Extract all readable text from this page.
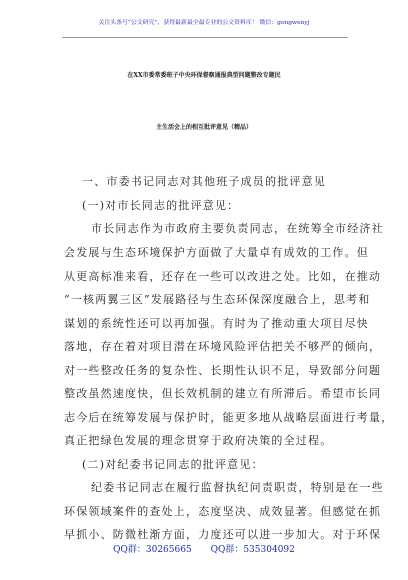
关注头条号“公文研究”，获得最新最全最专业的公文资料库！ 微信：gongwenyj
在XX市委常委班子中央环保督察通报典型问题整改专题民
主生活会上的相互批评意见（精品）
一、市委书记同志对其他班子成员的批评意见
(一)对市长同志的批评意见：
市长同志作为市政府主要负责同志，在统筹全市经济社
会发展与生态环境保护方面做了大量卓有成效的工作。但
从更高标准来看，还存在一些可以改进之处。比如，在推动
“一核两翼三区”发展路径与生态环保深度融合上，思考和
谋划的系统性还可以再加强。有时为了推动重大项目尽快
落地，存在着对项目潜在环境风险评估把关不够严的倾向，
对一些整改任务的复杂性、长期性认识不足，导致部分问题
整改虽然速度快，但长效机制的建立有所滞后。希望市长同
志今后在统筹发展与保护时，能更多地从战略层面进行考量，
真正把绿色发展的理念贯穿于政府决策的全过程。
(二)对纪委书记同志的批评意见：
纪委书记同志在履行监督执纪问责职责，特别是在一些
环保领域案件的查处上，态度坚决、成效显著。但感觉在抓
早抓小、防微杜渐方面，力度还可以进一步加大。对于环保
QQ群：30265665 QQ群：535304092
